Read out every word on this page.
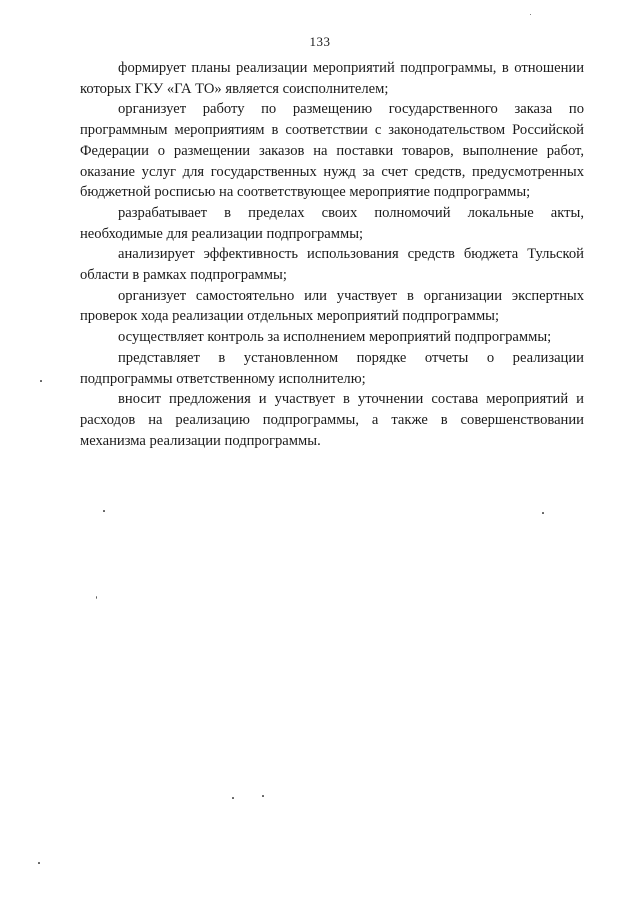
133

формирует планы реализации мероприятий подпрограммы, в отношении которых ГКУ «ГА ТО» является соисполнителем;

организует работу по размещению государственного заказа по программным мероприятиям в соответствии с законодательством Российской Федерации о размещении заказов на поставки товаров, выполнение работ, оказание услуг для государственных нужд за счет средств, предусмотренных бюджетной росписью на соответствующее мероприятие подпрограммы;

разрабатывает в пределах своих полномочий локальные акты, необходимые для реализации подпрограммы;

анализирует эффективность использования средств бюджета Тульской области в рамках подпрограммы;

организует самостоятельно или участвует в организации экспертных проверок хода реализации отдельных мероприятий подпрограммы;

осуществляет контроль за исполнением мероприятий подпрограммы;

представляет в установленном порядке отчеты о реализации подпрограммы ответственному исполнителю;

вносит предложения и участвует в уточнении состава мероприятий и расходов на реализацию подпрограммы, а также в совершенствовании механизма реализации подпрограммы.
